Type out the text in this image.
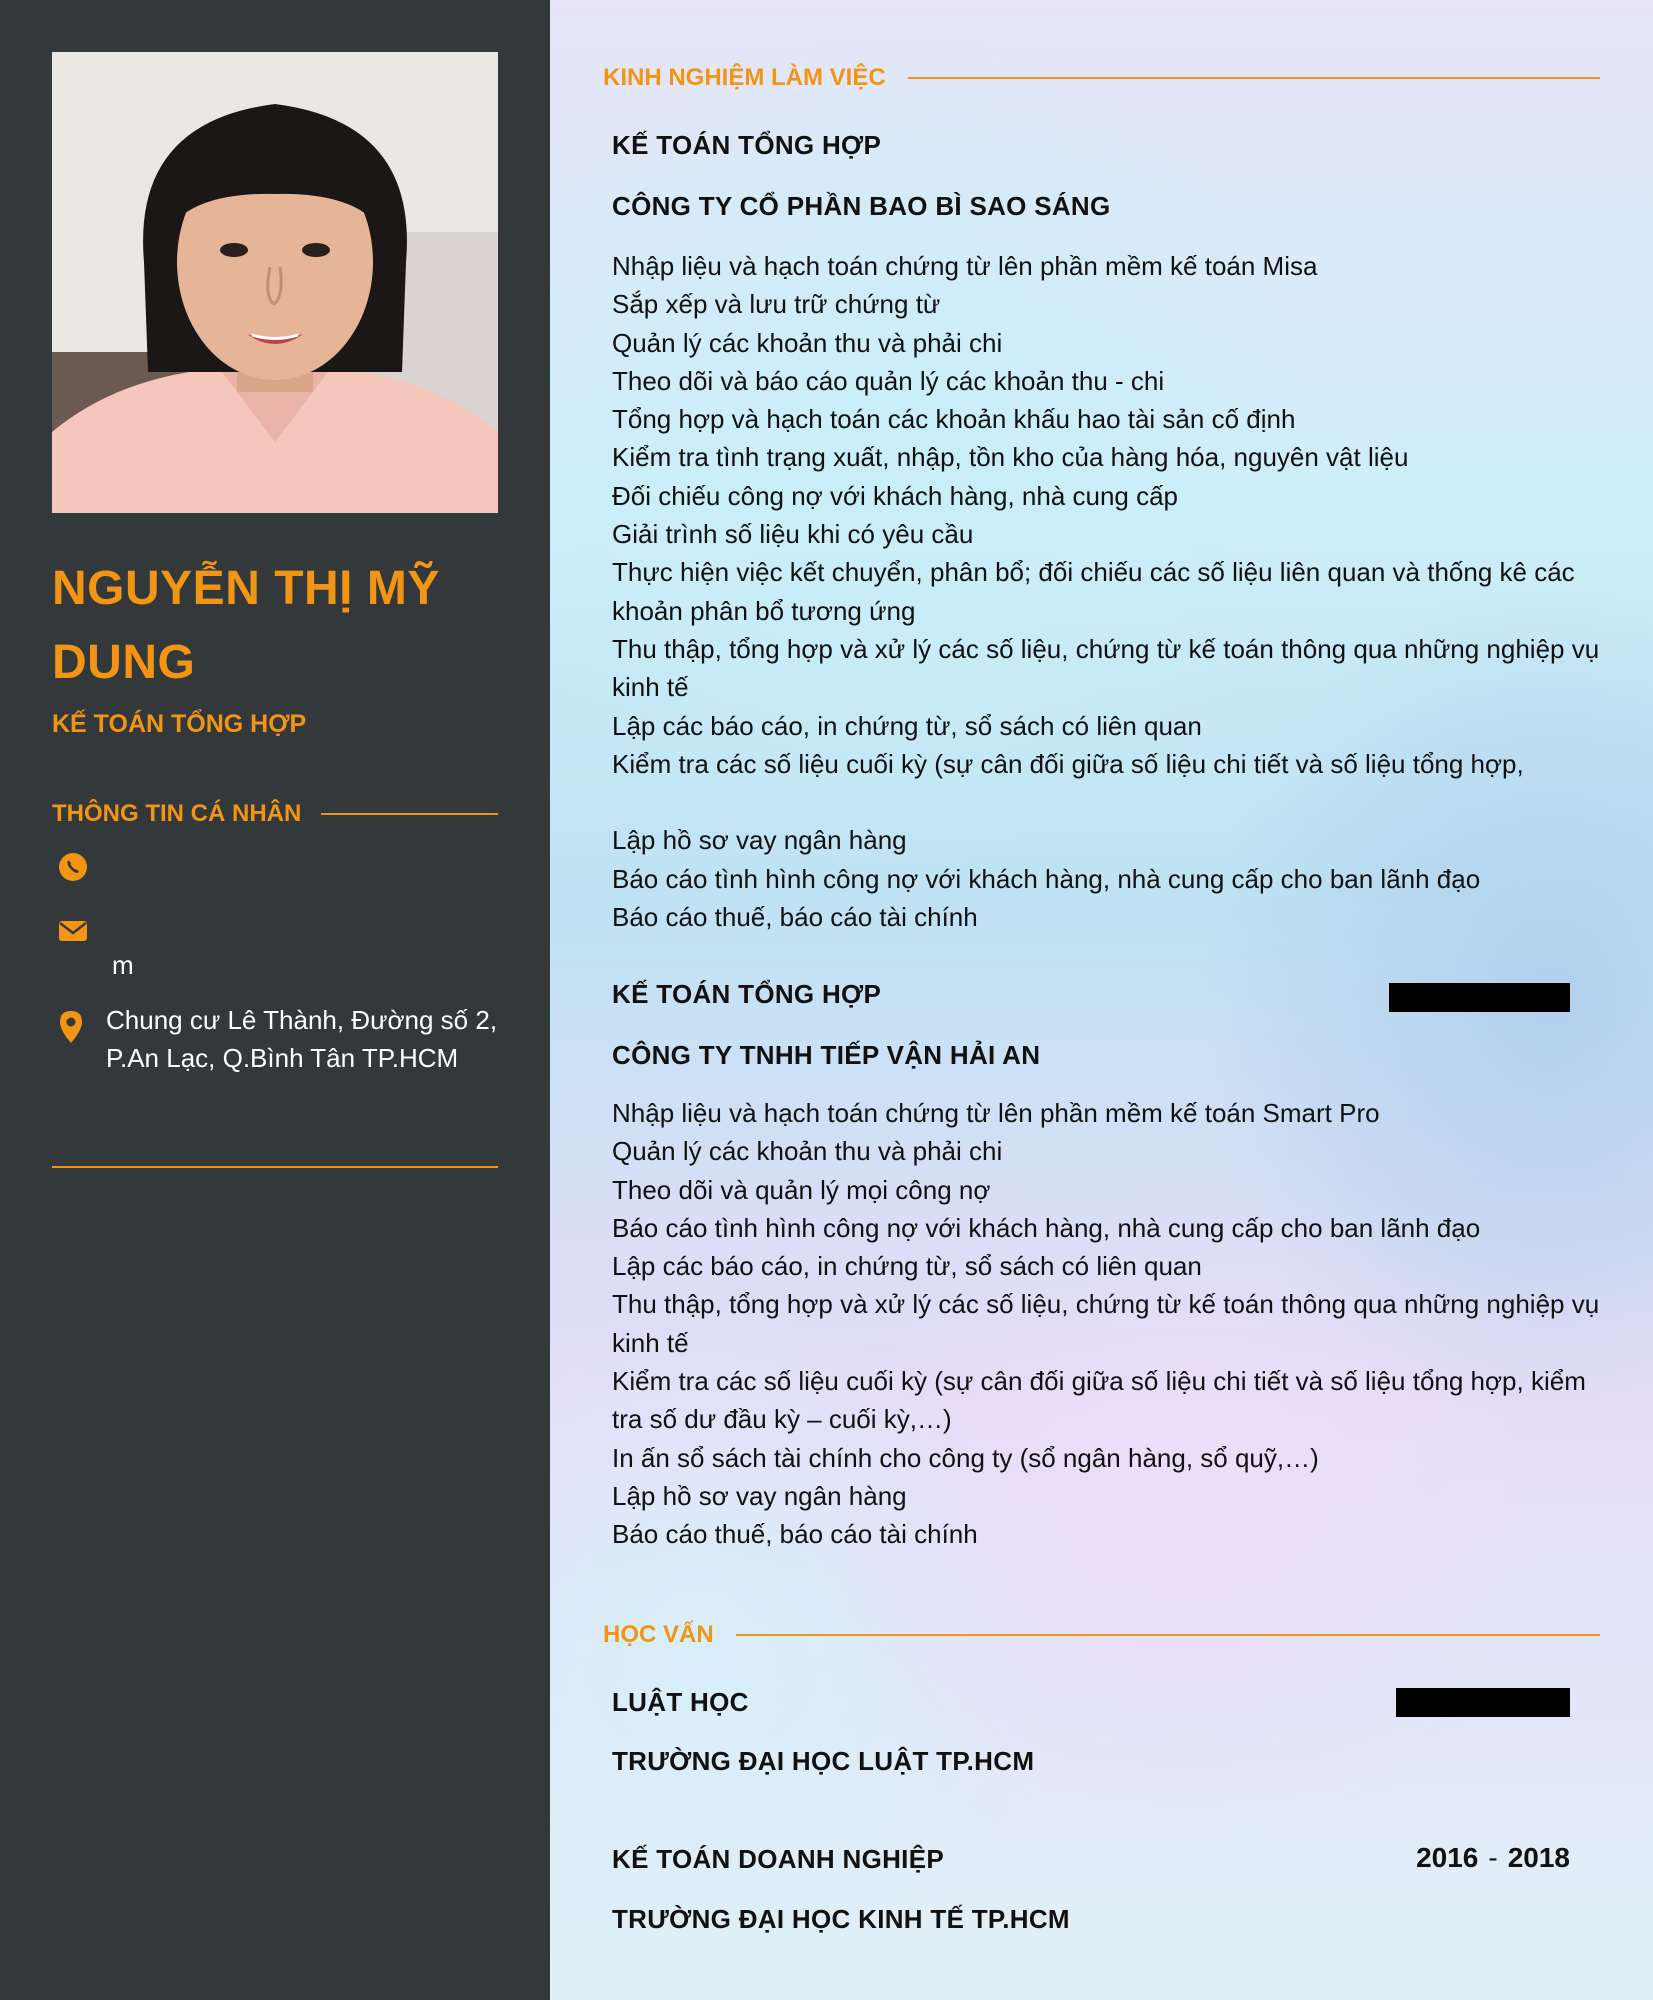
NGUYỄN THỊ MỸ DUNG
KẾ TOÁN TỔNG HỢP
THÔNG TIN CÁ NHÂN
m
Chung cư Lê Thành, Đường số 2, P.An Lạc, Q.Bình Tân TP.HCM
KINH NGHIỆM LÀM VIỆC
KẾ TOÁN TỔNG HỢP
CÔNG TY CỔ PHẦN BAO BÌ SAO SÁNG
Nhập liệu và hạch toán chứng từ lên phần mềm kế toán Misa
Sắp xếp và lưu trữ chứng từ
Quản lý các khoản thu và phải chi
Theo dõi và báo cáo quản lý các khoản thu - chi
Tổng hợp và hạch toán các khoản khấu hao tài sản cố định
Kiểm tra tình trạng xuất, nhập, tồn kho của hàng hóa, nguyên vật liệu
Đối chiếu công nợ với khách hàng, nhà cung cấp
Giải trình số liệu khi có yêu cầu
Thực hiện việc kết chuyển, phân bổ; đối chiếu các số liệu liên quan và thống kê các khoản phân bổ tương ứng
Thu thập, tổng hợp và xử lý các số liệu, chứng từ kế toán thông qua những nghiệp vụ kinh tế
Lập các báo cáo, in chứng từ, sổ sách có liên quan
Kiểm tra các số liệu cuối kỳ (sự cân đối giữa số liệu chi tiết và số liệu tổng hợp,
Lập hồ sơ vay ngân hàng
Báo cáo tình hình công nợ với khách hàng, nhà cung cấp cho ban lãnh đạo
Báo cáo thuế, báo cáo tài chính
KẾ TOÁN TỔNG HỢP
CÔNG TY TNHH TIẾP VẬN HẢI AN
Nhập liệu và hạch toán chứng từ lên phần mềm kế toán Smart Pro
Quản lý các khoản thu và phải chi
Theo dõi và quản lý mọi công nợ
Báo cáo tình hình công nợ với khách hàng, nhà cung cấp cho ban lãnh đạo
Lập các báo cáo, in chứng từ, sổ sách có liên quan
Thu thập, tổng hợp và xử lý các số liệu, chứng từ kế toán thông qua những nghiệp vụ kinh tế
Kiểm tra các số liệu cuối kỳ (sự cân đối giữa số liệu chi tiết và số liệu tổng hợp, kiểm tra số dư đầu kỳ – cuối kỳ,…)
In ấn sổ sách tài chính cho công ty (sổ ngân hàng, sổ quỹ,…)
Lập hồ sơ vay ngân hàng
Báo cáo thuế, báo cáo tài chính
HỌC VẤN
LUẬT HỌC
TRƯỜNG ĐẠI HỌC LUẬT TP.HCM
KẾ TOÁN DOANH NGHIỆP	2016 - 2018
TRƯỜNG ĐẠI HỌC KINH TẾ TP.HCM
